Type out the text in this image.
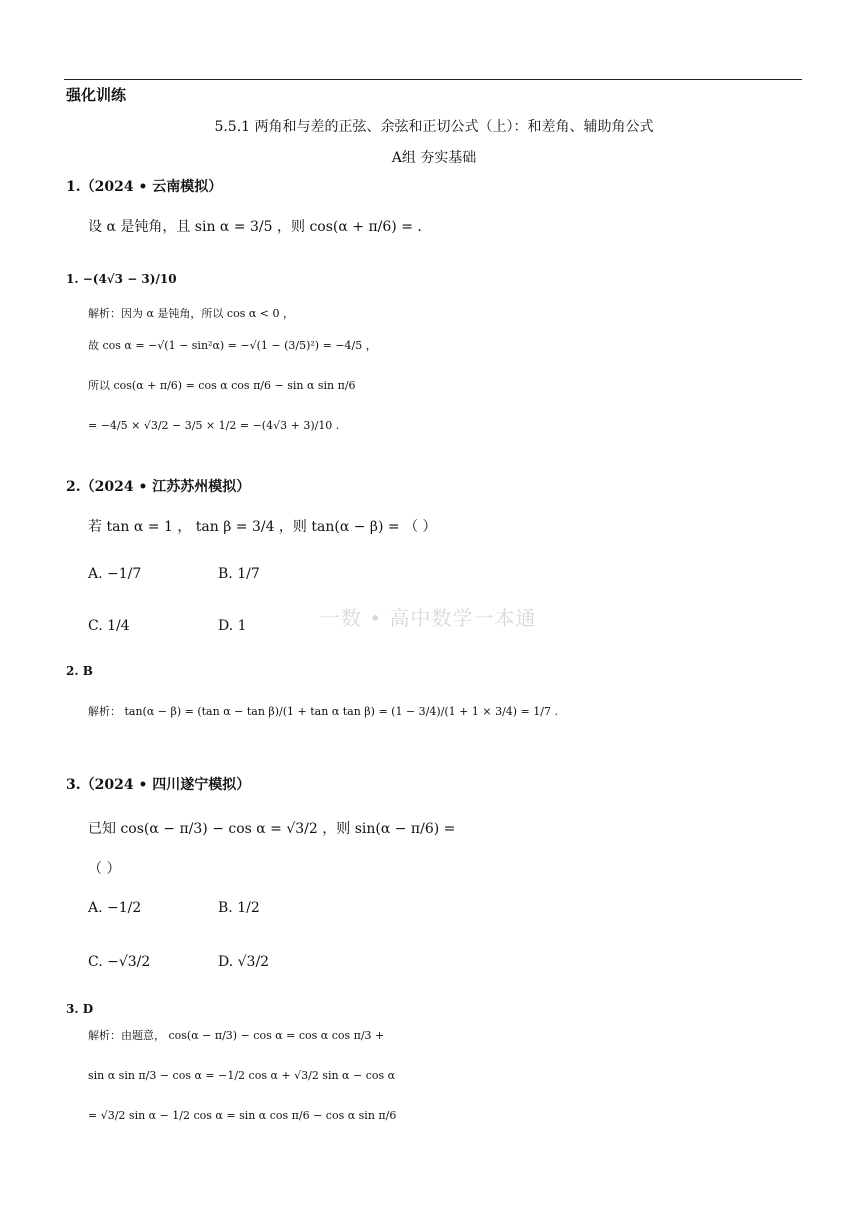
强化训练
5.5.1 两角和与差的正弦、余弦和正切公式（上）：和差角、辅助角公式
A组 夯实基础
一数 • 高中数学一本通
1.（2024 • 云南模拟）
设 α 是钝角，且 sin α = 3/5 ，则 cos(α + π/6) = .
1. −(4√3 − 3)/10
解析：因为 α 是钝角，所以 cos α < 0 ，
故 cos α = −√(1 − sin²α) = −√(1 − (3/5)²) = −4/5 ，
所以 cos(α + π/6) = cos α cos π/6 − sin α sin π/6
= −4/5 × √3/2 − 3/5 × 1/2 = −(4√3 + 3)/10 .
2.（2024 • 江苏苏州模拟）
若 tan α = 1 ， tan β = 3/4 ，则 tan(α − β) = （ ）
A. −1/7	B. 1/7
C. 1/4	D. 1
2. B
解析： tan(α − β) = (tan α − tan β)/(1 + tan α tan β) = (1 − 3/4)/(1 + 1 × 3/4) = 1/7 .
3.（2024 • 四川遂宁模拟）
已知 cos(α − π/3) − cos α = √3/2 ，则 sin(α − π/6) =
（ ）
A. −1/2	B. 1/2
C. −√3/2	D. √3/2
3. D
解析：由题意， cos(α − π/3) − cos α = cos α cos π/3 +
sin α sin π/3 − cos α = −1/2 cos α + √3/2 sin α − cos α
= √3/2 sin α − 1/2 cos α = sin α cos π/6 − cos α sin π/6
